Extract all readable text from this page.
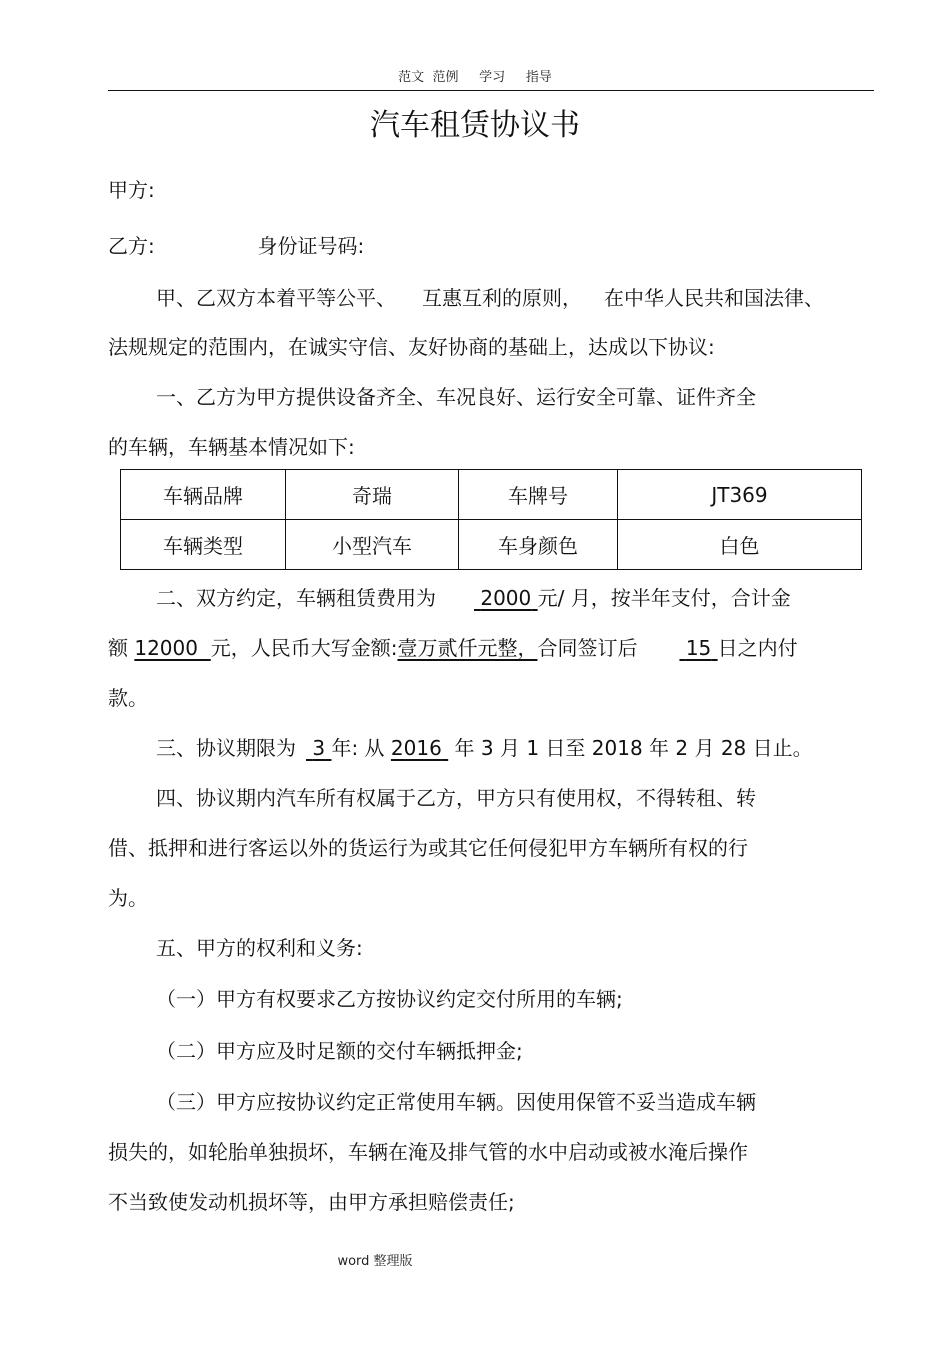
范文 范例 学习 指导
汽车租赁协议书
甲方:
乙方:	身份证号码:
甲、乙双方本着平等公平、 互惠互利的原则， 在中华人民共和国法律、
法规规定的范围内，在诚实守信、友好协商的基础上，达成以下协议:
一、乙方为甲方提供设备齐全、车况良好、运行安全可靠、证件齐全
的车辆，车辆基本情况如下:
车辆品牌	奇瑞	车牌号	JT369
车辆类型	小型汽车	车身颜色	白色
二、双方约定，车辆租赁费用为 2000 元/ 月，按半年支付，合计金
额 12000 元，人民币大写金额:壹万贰仟元整，合同签订后 15 日之内付
款。
三、协议期限为 3 年: 从 2016 年 3 月 1 日至 2018 年 2 月 28 日止。
四、协议期内汽车所有权属于乙方，甲方只有使用权，不得转租、转
借、抵押和进行客运以外的货运行为或其它任何侵犯甲方车辆所有权的行
为。
五、甲方的权利和义务:
（一）甲方有权要求乙方按协议约定交付所用的车辆;
（二）甲方应及时足额的交付车辆抵押金;
（三）甲方应按协议约定正常使用车辆。因使用保管不妥当造成车辆
损失的，如轮胎单独损坏，车辆在淹及排气管的水中启动或被水淹后操作
不当致使发动机损坏等，由甲方承担赔偿责任;
word 整理版
